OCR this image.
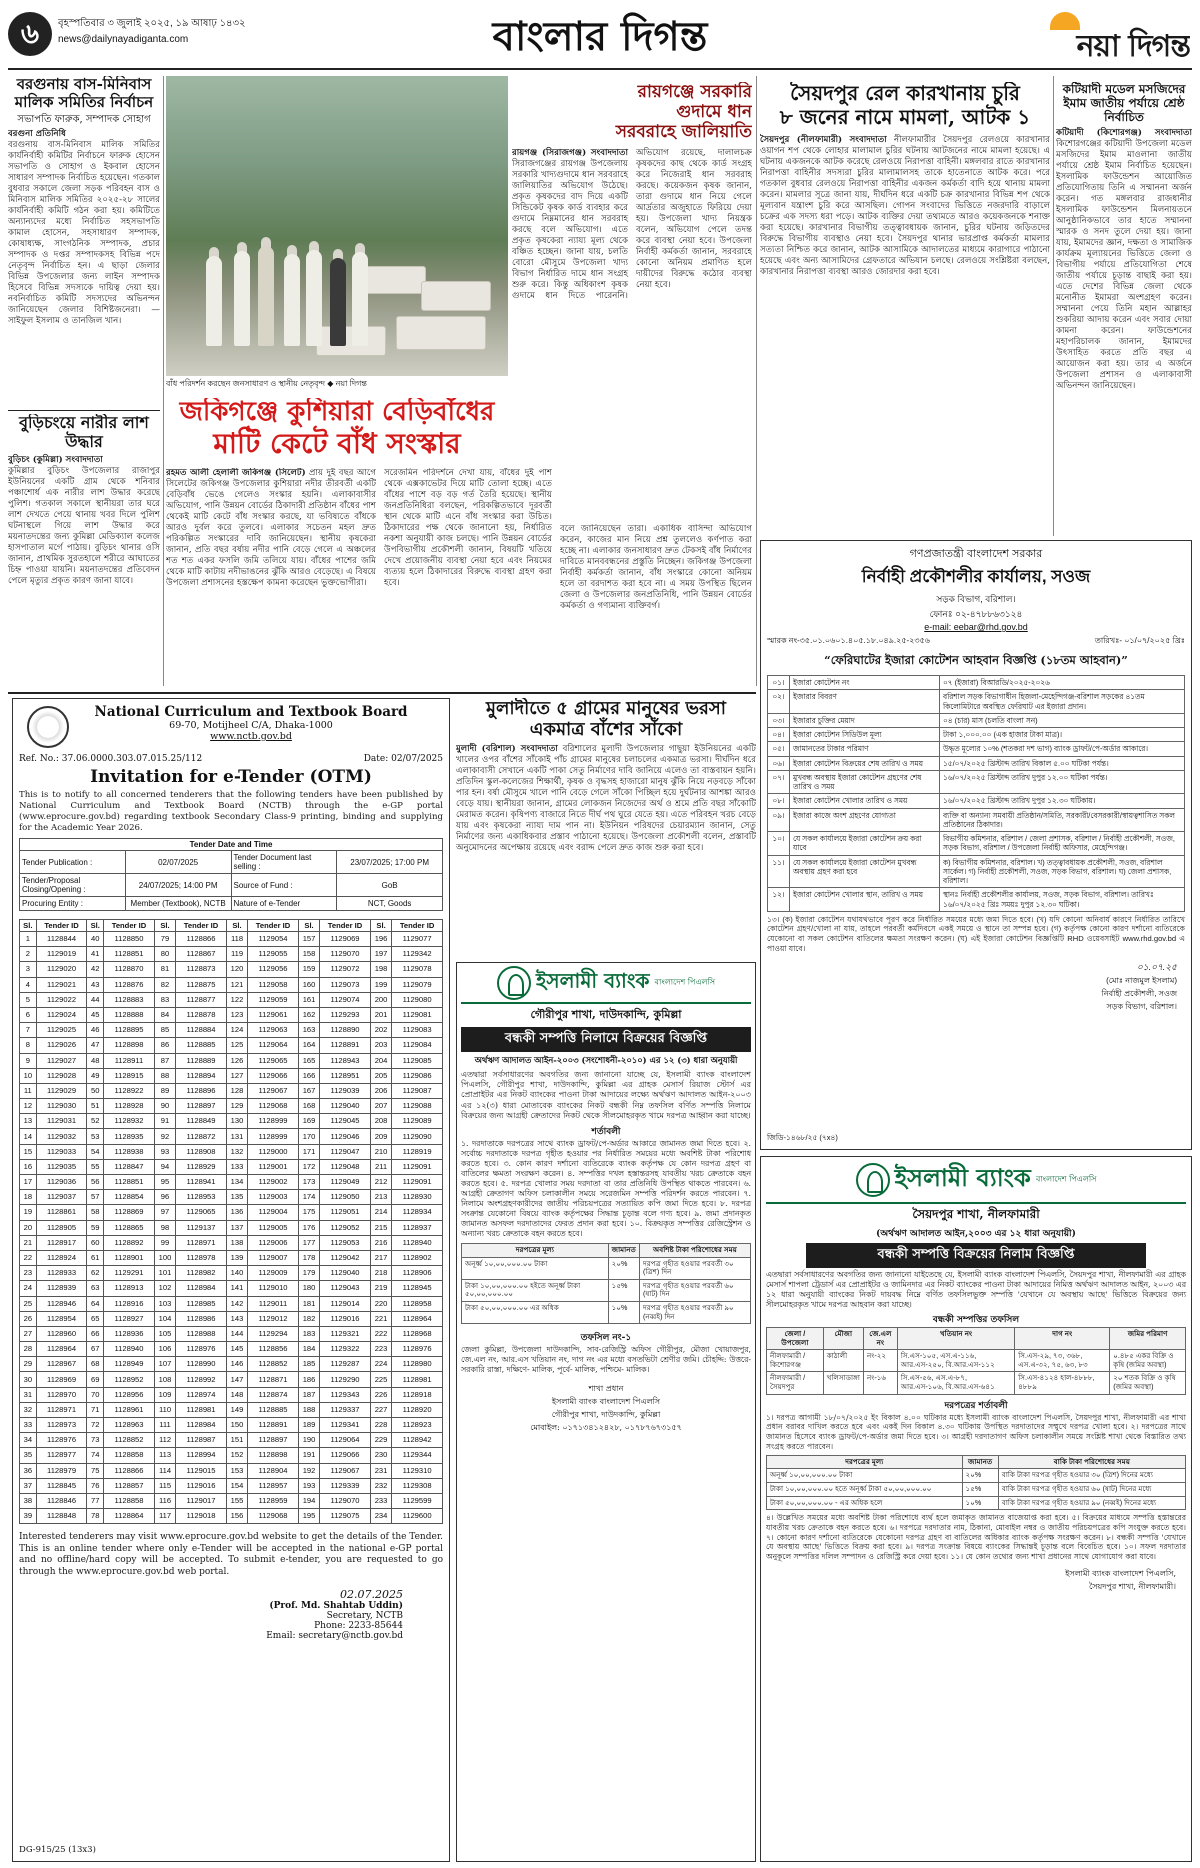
৬	বৃহস্পতিবার ৩ জুলাই ২০২৫, ১৯ আষাঢ় ১৪৩২
news@dailynayadiganta.com	বাংলার দিগন্ত	নয়া দিগন্ত
বরগুনায় বাস-মিনিবাস মালিক সমিতির নির্বাচন
সভাপতি ফারুক, সম্পাদক সোহাগ
বরগুনা প্রতিনিধি
বরগুনায় বাস-মিনিবাস মালিক সমিতির কার্যনির্বাহী কমিটির নির্বাচনে ফারুক হোসেন সভাপতি ও সোহাগ ও ইকবাল হোসেন সাধারণ সম্পাদক নির্বাচিত হয়েছেন। গতকাল বুধবার সকালে জেলা সড়ক পরিবহন বাস ও মিনিবাস মালিক সমিতির ২০২৫-২৮ সালের কার্যনির্বাহী কমিটি গঠন করা হয়। কমিটিতে অন্যান্যদের মধ্যে নির্বাচিত সহসভাপতি কামাল হোসেন, সহসাধারণ সম্পাদক, কোষাধ্যক্ষ, সাংগঠনিক সম্পাদক, প্রচার সম্পাদক ও দপ্তর সম্পাদকসহ বিভিন্ন পদে নেতৃবৃন্দ নির্বাচিত হন। এ ছাড়া জেলার বিভিন্ন উপজেলার জন্য লাইন সম্পাদক হিসেবে বিভিন্ন সদস্যকে দায়িত্ব দেয়া হয়। নবনির্বাচিত কমিটি সদস্যদের অভিনন্দন জানিয়েছেন জেলার বিশিষ্টজনেরা। —সাইফুল ইসলাম ও তানজিল খান।
বুড়িচংয়ে নারীর লাশ উদ্ধার
বুড়িচং (কুমিল্লা) সংবাদদাতা
কুমিল্লার বুড়িচং উপজেলার রাজাপুর ইউনিয়নের একটি গ্রাম থেকে শনিবার পঞ্চাশোর্ধ এক নারীর লাশ উদ্ধার করেছে পুলিশ। গতকাল সকালে স্থানীয়রা তার ঘরে লাশ দেখতে পেয়ে থানায় খবর দিলে পুলিশ ঘটনাস্থলে গিয়ে লাশ উদ্ধার করে ময়নাতদন্তের জন্য কুমিল্লা মেডিক্যাল কলেজ হাসপাতাল মর্গে পাঠায়। বুড়িচং থানার ওসি জানান, প্রাথমিক সুরতহালে শরীরে আঘাতের চিহ্ন পাওয়া যায়নি। ময়নাতদন্তের প্রতিবেদন পেলে মৃত্যুর প্রকৃত কারণ জানা যাবে।
বাঁধ পরিদর্শন করছেন জনসাধারণ ও স্থানীয় নেতৃবৃন্দ ◆ নয়া দিগন্ত
রায়গঞ্জে সরকারি গুদামে ধান সরবরাহে জালিয়াতি
রায়গঞ্জ (সিরাজগঞ্জ) সংবাদদাতা সিরাজগঞ্জের রায়গঞ্জ উপজেলায় সরকারি খাদ্যগুদামে ধান সরবরাহে জালিয়াতির অভিযোগ উঠেছে। প্রকৃত কৃষকদের বাদ দিয়ে একটি সিন্ডিকেট কৃষক কার্ড ব্যবহার করে গুদামে নিম্নমানের ধান সরবরাহ করছে বলে অভিযোগ। এতে প্রকৃত কৃষকেরা ন্যায্য মূল্য থেকে বঞ্চিত হচ্ছেন। জানা যায়, চলতি বোরো মৌসুমে উপজেলা খাদ্য বিভাগ নির্ধারিত দামে ধান সংগ্রহ শুরু করে। কিন্তু অধিকাংশ কৃষক গুদামে ধান দিতে পারেননি। অভিযোগ রয়েছে, দালালচক্র কৃষকদের কাছ থেকে কার্ড সংগ্রহ করে নিজেরাই ধান সরবরাহ করছে। কয়েকজন কৃষক জানান, তারা গুদামে ধান নিয়ে গেলে আর্দ্রতার অজুহাতে ফিরিয়ে দেয়া হয়। উপজেলা খাদ্য নিয়ন্ত্রক বলেন, অভিযোগ পেলে তদন্ত করে ব্যবস্থা নেয়া হবে। উপজেলা নির্বাহী কর্মকর্তা জানান, সরবরাহে কোনো অনিয়ম প্রমাণিত হলে দায়ীদের বিরুদ্ধে কঠোর ব্যবস্থা নেয়া হবে।
জকিগঞ্জে কুশিয়ারা বেড়িবাঁধের
মাটি কেটে বাঁধ সংস্কার
রহমত আলী হেলালী জকিগঞ্জ (সিলেট) প্রায় দুই বছর আগে সিলেটের জকিগঞ্জ উপজেলার কুশিয়ারা নদীর তীরবর্তী একটি বেড়িবাঁধ ভেঙে গেলেও সংস্কার হয়নি। এলাকাবাসীর অভিযোগ, পানি উন্নয়ন বোর্ডের ঠিকাদারী প্রতিষ্ঠান বাঁধের পাশ থেকেই মাটি কেটে বাঁধ সংস্কার করছে, যা ভবিষ্যতে বাঁধকে আরও দুর্বল করে তুলবে। এলাকার সচেতন মহল দ্রুত পরিকল্পিত সংস্কারের দাবি জানিয়েছেন। স্থানীয় কৃষকেরা জানান, প্রতি বছর বর্ষায় নদীর পানি বেড়ে গেলে এ অঞ্চলের শত শত একর ফসলি জমি তলিয়ে যায়। বাঁধের পাশের জমি থেকে মাটি কাটায় নদীভাঙনের ঝুঁকি আরও বেড়েছে। এ বিষয়ে উপজেলা প্রশাসনের হস্তক্ষেপ কামনা করেছেন ভুক্তভোগীরা।
সরেজমিন পরিদর্শনে দেখা যায়, বাঁধের দুই পাশ থেকে এক্সকাভেটর দিয়ে মাটি তোলা হচ্ছে। এতে বাঁধের পাশে বড় বড় গর্ত তৈরি হয়েছে। স্থানীয় জনপ্রতিনিধিরা বলছেন, পরিকল্পিতভাবে দূরবর্তী স্থান থেকে মাটি এনে বাঁধ সংস্কার করা উচিত। ঠিকাদারের পক্ষ থেকে জানানো হয়, নির্ধারিত নকশা অনুযায়ী কাজ চলছে। পানি উন্নয়ন বোর্ডের উপবিভাগীয় প্রকৌশলী জানান, বিষয়টি খতিয়ে দেখে প্রয়োজনীয় ব্যবস্থা নেয়া হবে এবং নিয়মের ব্যত্যয় হলে ঠিকাদারের বিরুদ্ধে ব্যবস্থা গ্রহণ করা হবে।
বলে জানিয়েছেন তারা। একাধিক বাসিন্দা অভিযোগ করেন, কাজের মান নিয়ে প্রশ্ন তুললেও কর্ণপাত করা হচ্ছে না। এলাকার জনসাধারণ দ্রুত টেকসই বাঁধ নির্মাণের দাবিতে মানববন্ধনের প্রস্তুতি নিচ্ছেন। জকিগঞ্জ উপজেলা নির্বাহী কর্মকর্তা জানান, বাঁধ সংস্কারে কোনো অনিয়ম হলে তা বরদাশত করা হবে না। এ সময় উপস্থিত ছিলেন জেলা ও উপজেলার জনপ্রতিনিধি, পানি উন্নয়ন বোর্ডের কর্মকর্তা ও গণ্যমান্য ব্যক্তিবর্গ।
সৈয়দপুর রেল কারখানায় চুরি
৮ জনের নামে মামলা, আটক ১
সৈয়দপুর (নীলফামারী) সংবাদদাতা নীলফামারীর সৈয়দপুর রেলওয়ে কারখানার ওয়াগন শপ থেকে লোহার মালামাল চুরির ঘটনায় আটজনের নামে মামলা হয়েছে। এ ঘটনায় একজনকে আটক করেছে রেলওয়ে নিরাপত্তা বাহিনী। মঙ্গলবার রাতে কারখানার নিরাপত্তা বাহিনীর সদস্যরা চুরির মালামালসহ তাকে হাতেনাতে আটক করে। পরে গতকাল বুধবার রেলওয়ে নিরাপত্তা বাহিনীর একজন কর্মকর্তা বাদি হয়ে থানায় মামলা করেন। মামলার সূত্রে জানা যায়, দীর্ঘদিন ধরে একটি চক্র কারখানার বিভিন্ন শপ থেকে মূল্যবান যন্ত্রাংশ চুরি করে আসছিল। গোপন সংবাদের ভিত্তিতে নজরদারি বাড়ালে চক্রের এক সদস্য ধরা পড়ে। আটক ব্যক্তির দেয়া তথ্যমতে আরও কয়েকজনকে শনাক্ত করা হয়েছে। কারখানার বিভাগীয় তত্ত্বাবধায়ক জানান, চুরির ঘটনায় জড়িতদের বিরুদ্ধে বিভাগীয় ব্যবস্থাও নেয়া হবে। সৈয়দপুর থানার ভারপ্রাপ্ত কর্মকর্তা মামলার সত্যতা নিশ্চিত করে জানান, আটক আসামিকে আদালতের মাধ্যমে কারাগারে পাঠানো হয়েছে এবং অন্য আসামিদের গ্রেফতারে অভিযান চলছে। রেলওয়ে সংশ্লিষ্টরা বলছেন, কারখানার নিরাপত্তা ব্যবস্থা আরও জোরদার করা হবে।
কটিয়াদী মডেল মসজিদের ইমাম জাতীয় পর্যায়ে শ্রেষ্ঠ নির্বাচিত
কটিয়াদী (কিশোরগঞ্জ) সংবাদদাতা কিশোরগঞ্জের কটিয়াদী উপজেলা মডেল মসজিদের ইমাম মাওলানা জাতীয় পর্যায়ে শ্রেষ্ঠ ইমাম নির্বাচিত হয়েছেন। ইসলামিক ফাউন্ডেশন আয়োজিত প্রতিযোগিতায় তিনি এ সম্মাননা অর্জন করেন। গত মঙ্গলবার রাজধানীর ইসলামিক ফাউন্ডেশন মিলনায়তনে আনুষ্ঠানিকভাবে তার হাতে সম্মাননা স্মারক ও সনদ তুলে দেয়া হয়। জানা যায়, ইমামদের জ্ঞান, দক্ষতা ও সামাজিক কার্যক্রম মূল্যায়নের ভিত্তিতে জেলা ও বিভাগীয় পর্যায়ে প্রতিযোগিতা শেষে জাতীয় পর্যায়ে চূড়ান্ত বাছাই করা হয়। এতে দেশের বিভিন্ন জেলা থেকে মনোনীত ইমামরা অংশগ্রহণ করেন। সম্মাননা পেয়ে তিনি মহান আল্লাহর শুকরিয়া আদায় করেন এবং সবার দোয়া কামনা করেন। ফাউন্ডেশনের মহাপরিচালক জানান, ইমামদের উৎসাহিত করতে প্রতি বছর এ আয়োজন করা হয়। তার এ অর্জনে উপজেলা প্রশাসন ও এলাকাবাসী অভিনন্দন জানিয়েছেন।
গণপ্রজাতন্ত্রী বাংলাদেশ সরকার
নির্বাহী প্রকৌশলীর কার্যালয়, সওজ
সড়ক বিভাগ, বরিশাল।
ফোনঃ ০২-৪৭৮৮৬৩১২৪
e-mail: eebar@rhd.gov.bd
স্মারক নং-৩৫.০১.০৬০১.৪০৫.১৮.০৪৯.২৫-২৩৫৬	তারিখঃ- ০১/০৭/২০২৫ খ্রিঃ
“ফেরিঘাটের ইজারা কোটেশন আহবান বিজ্ঞপ্তি (১৮তম আহবান)”
০১।	ইজারা কোটেশন নং	০৭ (ইজারা) বিআরডি/২০২৫-২০২৬
০২।	ইজারার বিবরণ	বরিশাল সড়ক বিভাগাধীন হিজলা-মেহেন্দিগঞ্জ-বরিশাল সড়কের ৪১তম কিলোমিটারে অবস্থিত ফেরিঘাট এর ইজারা প্রদান।
০৩।	ইজারার চুক্তির মেয়াদ	০৪ (চার) মাস (চলতি বাংলা সন)
০৪।	ইজারা কোটেশন সিডিউল মূল্য	টাকা ১,০০০.০০ (এক হাজার টাকা মাত্র)।
০৫।	জামানতের টাকার পরিমাণ	উদ্ধৃত মূল্যের ১০% (শতকরা দশ ভাগ) ব্যাংক ড্রাফট/পে-অর্ডার আকারে।
০৬।	ইজারা কোটেশন বিক্রয়ের শেষ তারিখ ও সময়	১৫/০৭/২০২৫ খ্রিস্টাব্দ তারিখ বিকাল ৫.০০ ঘটিকা পর্যন্ত।
০৭।	মুখবন্ধ অবস্থায় ইজারা কোটেশন গ্রহণের শেষ তারিখ ও সময়	১৬/০৭/২০২৫ খ্রিস্টাব্দ তারিখ দুপুর ১২.০০ ঘটিকা পর্যন্ত।
০৮।	ইজারা কোটেশন খোলার তারিখ ও সময়	১৬/০৭/২০২৫ খ্রিস্টাব্দ তারিখ দুপুর ১২.৩০ ঘটিকায়।
০৯।	ইজারা কাজে অংশ গ্রহণের যোগ্যতা	ব্যক্তি বা অন্যান্য সমবায়ী প্রতিষ্ঠান/সমিতি, সরকারী/বেসরকারী/স্বায়ত্বশাসিত সকল প্রতিষ্ঠানের ঠিকাদার।
১০।	যে সকল কার্যালয়ে ইজারা কোটেশন ক্রয় করা যাবে	বিভাগীয় কমিশনার, বরিশাল / জেলা প্রশাসক, বরিশাল / নির্বাহী প্রকৌশলী, সওজ, সড়ক বিভাগ, বরিশাল / উপজেলা নির্বাহী অফিসার, মেহেন্দিগঞ্জ।
১১।	যে সকল কার্যালয়ে ইজারা কোটেশন মুখবন্ধ অবস্থায় গ্রহণ করা হবে	ক) বিভাগীয় কমিশনার, বরিশাল। খ) তত্ত্বাবধায়ক প্রকৌশলী, সওজ, বরিশাল সার্কেল। গ) নির্বাহী প্রকৌশলী, সওজ, সড়ক বিভাগ, বরিশাল। ঘ) জেলা প্রশাসক, বরিশাল।
১২।	ইজারা কোটেশন খোলার স্থান, তারিখ ও সময়	স্থানঃ নির্বাহী প্রকৌশলীর কার্যালয়, সওজ, সড়ক বিভাগ, বরিশাল। তারিখঃ ১৬/০৭/২০২৫ খ্রিঃ সময়ঃ দুপুর ১২.৩০ ঘটিকা।
১৩। (ক) ইজারা কোটেশন যথাযথভাবে পূরণ করে নির্ধারিত সময়ের মধ্যে জমা দিতে হবে। (খ) যদি কোনো অনিবার্য কারণে নির্ধারিত তারিখে কোটেশন গ্রহণ/খোলা না যায়, তাহলে পরবর্তী কর্মদিবসে একই সময়ে ও স্থানে তা সম্পন্ন হবে। (গ) কর্তৃপক্ষ কোনো কারণ দর্শানো ব্যতিরেকে যেকোনো বা সকল কোটেশন বাতিলের ক্ষমতা সংরক্ষণ করেন। (ঘ) এই ইজারা কোটেশন বিজ্ঞপ্তিটি RHD ওয়েবসাইট www.rhd.gov.bd এ পাওয়া যাবে।
০১.০৭.২৫
(মোঃ নাজমুল ইসলাম)
নির্বাহী প্রকৌশলী, সওজ
সড়ক বিভাগ, বরিশাল।
জিডি-১৪৬৮/২৫ (৭x৪)
National Curriculum and Textbook Board
69-70, Motijheel C/A, Dhaka-1000
www.nctb.gov.bd
Ref. No.: 37.06.0000.303.07.015.25/112	Date: 02/07/2025
Invitation for e-Tender (OTM)
This is to notify to all concerned tenderers that the following tenders have been published by National Curriculum and Textbook Board (NCTB) through the e-GP portal (www.eprocure.gov.bd) regarding textbook Secondary Class-9 printing, binding and supplying for the Academic Year 2026.
Tender Date and Time			
Tender Publication :	02/07/2025	Tender Document last selling :	23/07/2025; 17:00 PM
Tender/Proposal Closing/Opening :	24/07/2025; 14:00 PM	Source of Fund :	GoB
Procuring Entity :	Member (Textbook), NCTB	Nature of e-Tender	NCT, Goods
Sl.	Tender ID	Sl.	Tender ID	Sl.	Tender ID	Sl.	Tender ID	Sl.	Tender ID	Sl.	Tender ID
1	1128844	40	1128850	79	1128866	118	1129054	157	1129069	196	1129077
2	1129019	41	1128851	80	1128867	119	1129055	158	1129070	197	1129342
3	1129020	42	1128870	81	1128873	120	1129056	159	1129072	198	1129078
4	1129021	43	1128876	82	1128875	121	1129058	160	1129073	199	1129079
5	1129022	44	1128883	83	1128877	122	1129059	161	1129074	200	1129080
6	1129024	45	1128888	84	1128878	123	1129061	162	1129293	201	1129081
7	1129025	46	1128895	85	1128884	124	1129063	163	1128890	202	1129083
8	1129026	47	1128898	86	1128885	125	1129064	164	1128891	203	1129084
9	1129027	48	1128911	87	1128889	126	1129065	165	1128943	204	1129085
10	1129028	49	1128915	88	1128894	127	1129066	166	1128951	205	1129086
11	1129029	50	1128922	89	1128896	128	1129067	167	1129039	206	1129087
12	1129030	51	1128928	90	1128897	129	1129068	168	1129040	207	1129088
13	1129031	52	1128932	91	1128849	130	1128999	169	1129045	208	1129089
14	1129032	53	1128935	92	1128872	131	1128999	170	1129046	209	1129090
15	1129033	54	1128938	93	1128908	132	1129000	171	1129047	210	1128919
16	1129035	55	1128847	94	1128929	133	1129001	172	1129048	211	1129091
17	1129036	56	1128851	95	1128941	134	1129002	173	1129049	212	1129091
18	1129037	57	1128854	96	1128953	135	1129003	174	1129050	213	1128930
19	1128861	58	1128869	97	1129065	136	1129004	175	1129051	214	1128934
20	1128905	59	1128865	98	1129137	137	1129005	176	1129052	215	1128937
21	1128917	60	1128892	99	1128971	138	1129006	177	1129053	216	1128940
22	1128924	61	1128901	100	1128978	139	1129007	178	1129042	217	1128902
23	1128933	62	1129291	101	1128982	140	1129009	179	1129040	218	1128906
24	1128939	63	1128913	102	1128984	141	1129010	180	1129043	219	1128945
25	1128946	64	1128916	103	1128985	142	1129011	181	1129014	220	1128958
26	1128954	65	1128927	104	1128986	143	1129012	182	1129016	221	1128964
27	1128960	66	1128936	105	1128988	144	1129294	183	1129321	222	1128968
28	1128964	67	1128940	106	1128976	145	1128856	184	1129322	223	1128976
29	1128967	68	1128949	107	1128990	146	1128852	185	1129287	224	1128980
30	1128969	69	1128952	108	1128992	147	1128871	186	1129290	225	1128981
31	1128970	70	1128956	109	1128974	148	1128874	187	1129343	226	1128918
32	1128971	71	1128961	110	1128981	149	1128885	188	1129337	227	1128920
33	1128973	72	1128963	111	1128984	150	1128891	189	1129341	228	1128923
34	1128976	73	1128852	112	1128987	151	1128897	190	1129064	229	1128942
35	1128977	74	1128858	113	1128994	152	1128898	191	1129066	230	1129344
36	1128979	75	1128866	114	1129015	153	1128904	192	1129067	231	1129310
37	1128845	76	1128857	115	1129016	154	1128957	193	1129339	232	1129308
38	1128846	77	1128858	116	1129017	155	1128959	194	1129070	233	1129599
39	1128848	78	1128864	117	1129018	156	1129068	195	1129075	234	1129600
Interested tenderers may visit www.eprocure.gov.bd website to get the details of the Tender. This is an online tender where only e-Tender will be accepted in the national e-GP portal and no offline/hard copy will be accepted. To submit e-tender, you are requested to go through the www.eprocure.gov.bd web portal.
02.07.2025
(Prof. Md. Shahtab Uddin)
Secretary, NCTB
Phone: 2233-85644
Email: secretary@nctb.gov.bd
DG-915/25 (13x3)
মুলাদীতে ৫ গ্রামের মানুষের ভরসা
একমাত্র বাঁশের সাঁকো
মুলাদী (বরিশাল) সংবাদদাতা বরিশালের মুলাদী উপজেলার গাছুয়া ইউনিয়নের একটি খালের ওপর বাঁশের সাঁকোই পাঁচ গ্রামের মানুষের চলাচলের একমাত্র ভরসা। দীর্ঘদিন ধরে এলাকাবাসী সেখানে একটি পাকা সেতু নির্মাণের দাবি জানিয়ে এলেও তা বাস্তবায়ন হয়নি। প্রতিদিন স্কুল-কলেজের শিক্ষার্থী, কৃষক ও বৃদ্ধসহ হাজারো মানুষ ঝুঁকি নিয়ে নড়বড়ে সাঁকো পার হন। বর্ষা মৌসুমে খালে পানি বেড়ে গেলে সাঁকো পিচ্ছিল হয়ে দুর্ঘটনার আশঙ্কা আরও বেড়ে যায়। স্থানীয়রা জানান, গ্রামের লোকজন নিজেদের অর্থ ও শ্রমে প্রতি বছর সাঁকোটি মেরামত করেন। কৃষিপণ্য বাজারে নিতে দীর্ঘ পথ ঘুরে যেতে হয়। এতে পরিবহন খরচ বেড়ে যায় এবং কৃষকেরা ন্যায্য দাম পান না। ইউনিয়ন পরিষদের চেয়ারম্যান জানান, সেতু নির্মাণের জন্য একাধিকবার প্রস্তাব পাঠানো হয়েছে। উপজেলা প্রকৌশলী বলেন, প্রস্তাবটি অনুমোদনের অপেক্ষায় রয়েছে এবং বরাদ্দ পেলে দ্রুত কাজ শুরু করা হবে।
ইসলামী ব্যাংক বাংলাদেশ পিএলসি
গৌরীপুর শাখা, দাউদকান্দি, কুমিল্লা
বন্ধকী সম্পত্তি নিলামে বিক্রয়ের বিজ্ঞপ্তি
অর্থঋণ আদালত আইন-২০০৩ (সংশোধনী-২০১০) এর ১২ (৩) ধারা অনুযায়ী
এতদ্বারা সর্বসাধারণের অবগতির জন্য জানানো যাচ্ছে যে, ইসলামী ব্যাংক বাংলাদেশ পিএলসি, গৌরীপুর শাখা, দাউদকান্দি, কুমিল্লা এর গ্রাহক মেসার্স রিয়াজ স্টোর্স এর প্রোপ্রাইটর এর নিকট ব্যাংকের পাওনা টাকা আদায়ের লক্ষ্যে অর্থঋণ আদালত আইন-২০০৩ এর ১২(৩) ধারা মোতাবেক ব্যাংকের নিকট বন্ধকী নিম্ন তফসিল বর্ণিত সম্পত্তি নিলামে বিক্রয়ের জন্য আগ্রহী ক্রেতাদের নিকট থেকে সীলমোহরকৃত খামে দরপত্র আহ্বান করা যাচ্ছে।
শর্তাবলী
১. দরদাতাকে দরপত্রের সাথে ব্যাংক ড্রাফট/পে-অর্ডার আকারে জামানত জমা দিতে হবে। ২. সর্বোচ্চ দরদাতাকে দরপত্র গৃহীত হওয়ার পর নির্ধারিত সময়ের মধ্যে অবশিষ্ট টাকা পরিশোধ করতে হবে। ৩. কোন কারণ দর্শানো ব্যতিরেকে ব্যাংক কর্তৃপক্ষ যে কোন দরপত্র গ্রহণ বা বাতিলের ক্ষমতা সংরক্ষণ করেন। ৪. সম্পত্তির দখল হস্তান্তরসহ যাবতীয় খরচ ক্রেতাকে বহন করতে হবে। ৫. দরপত্র খোলার সময় দরদাতা বা তার প্রতিনিধি উপস্থিত থাকতে পারবেন। ৬. আগ্রহী ক্রেতাগণ অফিস চলাকালীন সময়ে সরেজমিন সম্পত্তি পরিদর্শন করতে পারবেন। ৭. নিলামে অংশগ্রহণকারীদের জাতীয় পরিচয়পত্রের সত্যায়িত কপি জমা দিতে হবে। ৮. দরপত্র সংক্রান্ত যেকোনো বিষয়ে ব্যাংক কর্তৃপক্ষের সিদ্ধান্ত চূড়ান্ত বলে গণ্য হবে। ৯. জমা প্রদানকৃত জামানত অসফল দরদাতাদের ফেরত প্রদান করা হবে। ১০. বিক্রয়কৃত সম্পত্তির রেজিস্ট্রেশন ও অন্যান্য খরচ ক্রেতাকে বহন করতে হবে।
দরপত্রের মূল্য	জামানত	অবশিষ্ট টাকা পরিশোধের সময়
অনূর্ধ্ব ১০,০০,০০০.০০ টাকা	২০%	দরপত্র গৃহীত হওয়ার পরবর্তী ৩০ (ত্রিশ) দিন
টাকা ১০,০০,০০০.০০ হইতে অনূর্ধ্ব টাকা ৫০,০০,০০০.০০	১৫%	দরপত্র গৃহীত হওয়ার পরবর্তী ৬০ (ষাট) দিন
টাকা ৫০,০০,০০০.০০ এর অধিক	১০%	দরপত্র গৃহীত হওয়ার পরবর্তী ৯০ (নব্বই) দিন
তফসিল নং-১
জেলা কুমিল্লা, উপজেলা দাউদকান্দি, সাব-রেজিস্ট্রি অফিস গৌরীপুর, মৌজা খোয়াজপুর, জে.এল নং, আর.এস খতিয়ান নং, দাগ নং এর মধ্যে বসতভিটা শ্রেণীর জমি। চৌহদ্দি: উত্তরে- সরকারি রাস্তা, দক্ষিণে- মালিক, পূর্বে- মালিক, পশ্চিমে- মালিক।
শাখা প্রধান
ইসলামী ব্যাংক বাংলাদেশ পিএলসি
গৌরীপুর শাখা, দাউদকান্দি, কুমিল্লা
মোবাইল: ০১৭১৩৪১২৪২৮, ০১৭৮৭৬৭৩১৫৭
ইসলামী ব্যাংক বাংলাদেশ পিএলসি
সৈয়দপুর শাখা, নীলফামারী
(অর্থঋণ আদালত আইন,২০০৩ এর ১২ ধারা অনুযায়ী)
বন্ধকী সম্পত্তি বিক্রয়ের নিলাম বিজ্ঞপ্তি
এতদ্বারা সর্বসাধারণের অবগতির জন্য জানানো যাইতেছে যে, ইসলামী ব্যাংক বাংলাদেশ পিএলসি, সৈয়দপুর শাখা, নীলফামারী এর গ্রাহক মেসার্স শাপলা ট্রেডার্স এর প্রোপ্রাইটর ও জামিনদার এর নিকট ব্যাংকের পাওনা টাকা আদায়ের নিমিত্ত অর্থঋণ আদালত আইন, ২০০৩ এর ১২ ধারা অনুযায়ী ব্যাংকের নিকট দায়বদ্ধ নিম্নে বর্ণিত তফসিলভুক্ত সম্পত্তি 'যেখানে যে অবস্থায় আছে' ভিত্তিতে বিক্রয়ের জন্য সীলমোহরকৃত খামে দরপত্র আহবান করা যাচ্ছে।
বন্ধকী সম্পত্তির তফসিল
জেলা / উপজেলা	মৌজা	জে.এল নং	খতিয়ান নং	দাগ নং	জমির পরিমাণ
নীলফামারী / কিশোরগঞ্জ	কাঠালী	নং-২২	সি.এস-১০৫, এস.এ-১১৬, আর.এস-২৫০, বি.আর.এস-১১২	সি.এস-২৯, ৭৩, ৩৬৮, এস.এ-৩২, ৭৫, ৬৩, ৮৩	০.৪৮৫ একর বিক্রি ও কৃষি (জমির অবস্থা)
নীলফামারী / সৈয়দপুর	খলিসাডাঙ্গা	নং-১৬	সি.এস-৫৬, এস.এ-৮৭, আর.এস-১০৬, বি.আর.এস-৬৪১	সি.এস-৪১২৪ হাল-৪৮৮৮, ৪৮৮৯	২০ শতক বিক্রি ও কৃষি (জমির অবস্থা)
দরপত্রের শর্তাবলী
১। দরপত্র আগামী ১৮/০৭/২০২৫ ইং বিকাল ৪.০০ ঘটিকার মধ্যে ইসলামী ব্যাংক বাংলাদেশ পিএলসি, সৈয়দপুর শাখা, নীলফামারী এর শাখা প্রধান বরাবর দাখিল করতে হবে এবং একই দিন বিকাল ৪.৩০ ঘটিকায় উপস্থিত দরদাতাদের সম্মুখে দরপত্র খোলা হবে। ২। দরপত্রের সাথে জামানত হিসেবে ব্যাংক ড্রাফট/পে-অর্ডার জমা দিতে হবে। ৩। আগ্রহী দরদাতাগণ অফিস চলাকালীন সময়ে সংশ্লিষ্ট শাখা থেকে বিস্তারিত তথ্য সংগ্রহ করতে পারবেন।
দরপত্রের মূল্য	জামানত	বাকি টাকা পরিশোধের সময়
অনূর্ধ্ব ১০,০০,০০০.০০ টাকা	২০%	বাকি টাকা দরপত্র গৃহীত হওয়ার ৩০ (ত্রিশ) দিনের মধ্যে
টাকা ১০,০০,০০০.০০ হতে অনূর্ধ্ব টাকা ৫০,০০,০০০.০০	১৫%	বাকি টাকা দরপত্র গৃহীত হওয়ার ৬০ (ষাট) দিনের মধ্যে
টাকা ৫০,০০,০০০.০০ - এর অধিক হলে	১০%	বাকি টাকা দরপত্র গৃহীত হওয়ার ৯০ (নব্বই) দিনের মধ্যে
৪। উল্লেখিত সময়ের মধ্যে অবশিষ্ট টাকা পরিশোধে ব্যর্থ হলে জমাকৃত জামানত বাজেয়াপ্ত করা হবে। ৫। বিক্রয়ের মাধ্যমে সম্পত্তি হস্তান্তরের যাবতীয় খরচ ক্রেতাকে বহন করতে হবে। ৬। দরপত্রে দরদাতার নাম, ঠিকানা, মোবাইল নম্বর ও জাতীয় পরিচয়পত্রের কপি সংযুক্ত করতে হবে। ৭। কোনো কারণ দর্শানো ব্যতিরেকে যেকোনো দরপত্র গ্রহণ বা বাতিলের অধিকার ব্যাংক কর্তৃপক্ষ সংরক্ষণ করেন। ৮। বন্ধকী সম্পত্তি 'যেখানে যে অবস্থায় আছে' ভিত্তিতে বিক্রয় করা হবে। ৯। দরপত্র সংক্রান্ত বিষয়ে ব্যাংকের সিদ্ধান্তই চূড়ান্ত বলে বিবেচিত হবে। ১০। সফল দরদাতার অনুকূলে সম্পত্তির দলিল সম্পাদন ও রেজিস্ট্রি করে দেয়া হবে। ১১। যে কোন তথ্যের জন্য শাখা প্রধানের সাথে যোগাযোগ করা যাবে।
ইসলামী ব্যাংক বাংলাদেশ পিএলসি,
সৈয়দপুর শাখা, নীলফামারী।
